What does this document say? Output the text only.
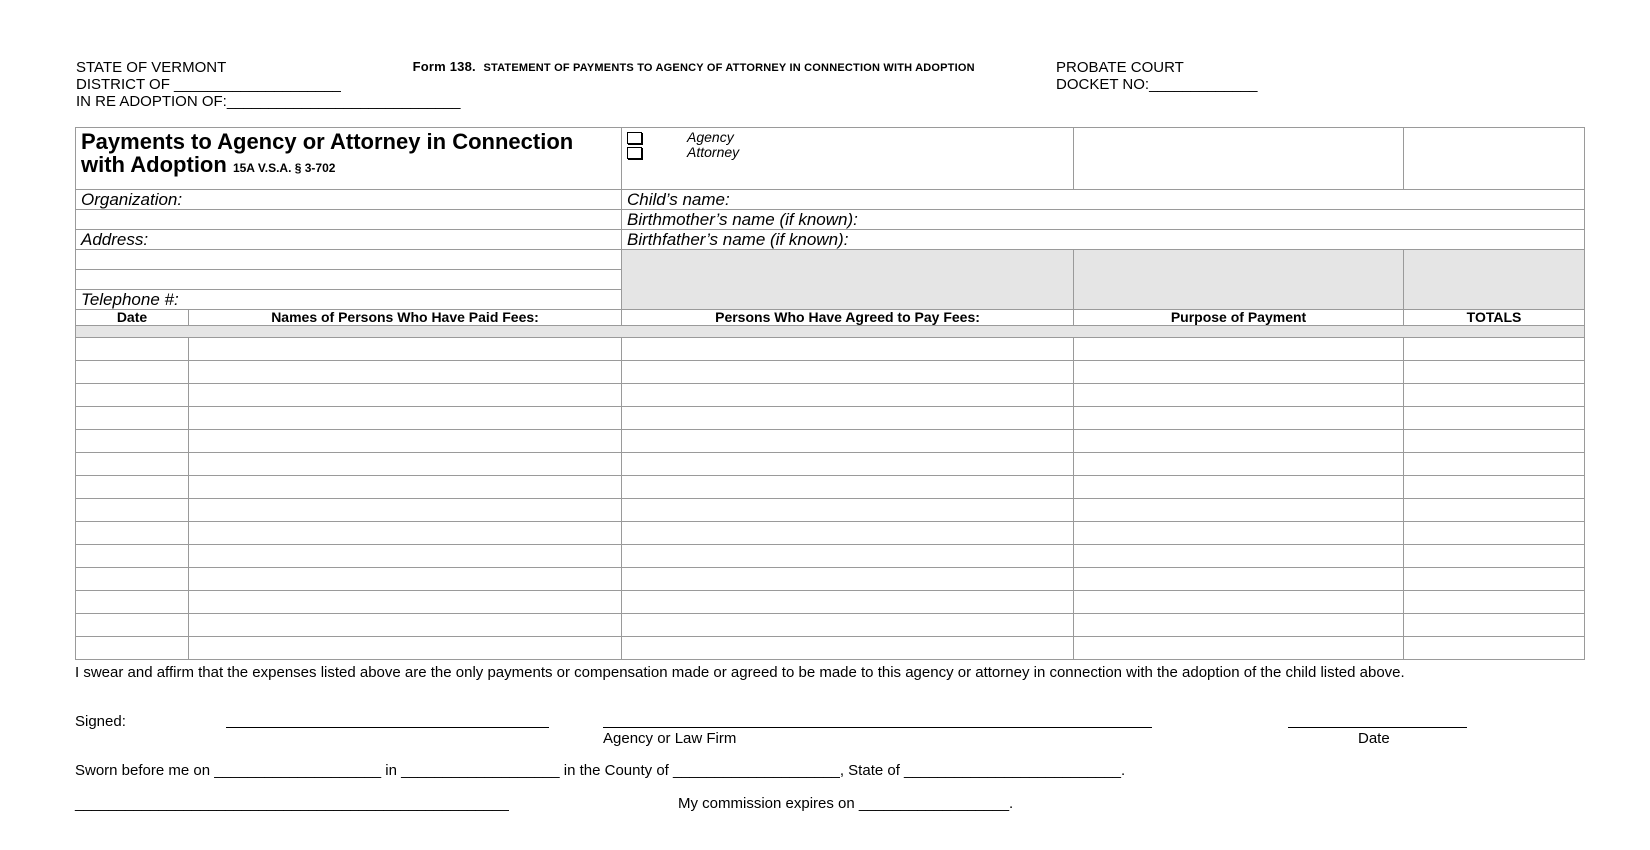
Form 138. STATEMENT OF PAYMENTS TO AGENCY OF ATTORNEY IN CONNECTION WITH ADOPTION

STATE OF VERMONT
DISTRICT OF ____________________
IN RE ADOPTION OF:____________________________
PROBATE COURT
DOCKET NO:_____________
Payments to Agency or Attorney in Connection with Adoption 15A V.S.A. § 3-702		Agency
Attorney		

Organization:		Child’s name:		
		Birthmother’s name (if known):		
Address:		Birthfather’s name (if known):		

Telephone #:				
Date	Names of Persons Who Have Paid Fees:	Persons Who Have Agreed to Pay Fees:	Purpose of Payment	TOTALS

I swear and affirm that the expenses listed above are the only payments or compensation made or agreed to be made to this agency or attorney in connection with the adoption of the child listed above.
Signed:
Agency or Law Firm	Date
Sworn before me on ____________________ in ___________________ in the County of ____________________, State of __________________________.
____________________________________________________	My commission expires on __________________.
